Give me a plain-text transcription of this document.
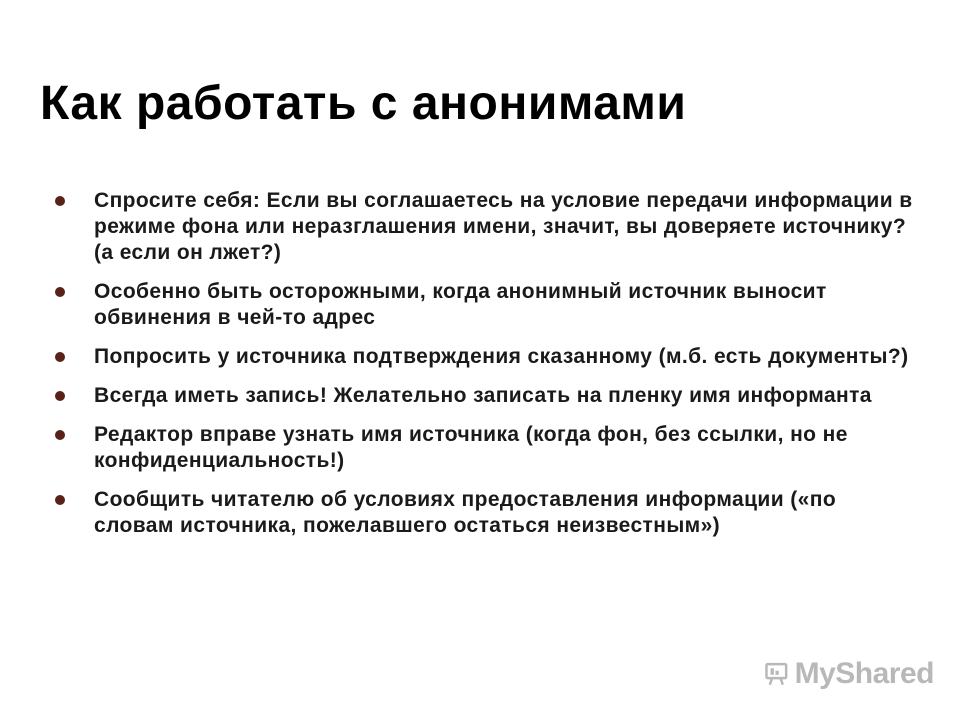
Как работать с анонимами
Спросите себя: Если вы соглашаетесь на условие передачи информации в режиме фона или неразглашения имени, значит, вы доверяете источнику? (а если он лжет?)
Особенно быть осторожными, когда анонимный источник выносит обвинения в чей-то адрес
Попросить у источника подтверждения сказанному (м.б. есть документы?)
Всегда иметь запись! Желательно записать на пленку имя информанта
Редактор вправе узнать имя источника (когда фон, без ссылки, но не конфиденциальность!)
Сообщить читателю об условиях предоставления информации («по словам источника, пожелавшего остаться неизвестным»)
MyShared
